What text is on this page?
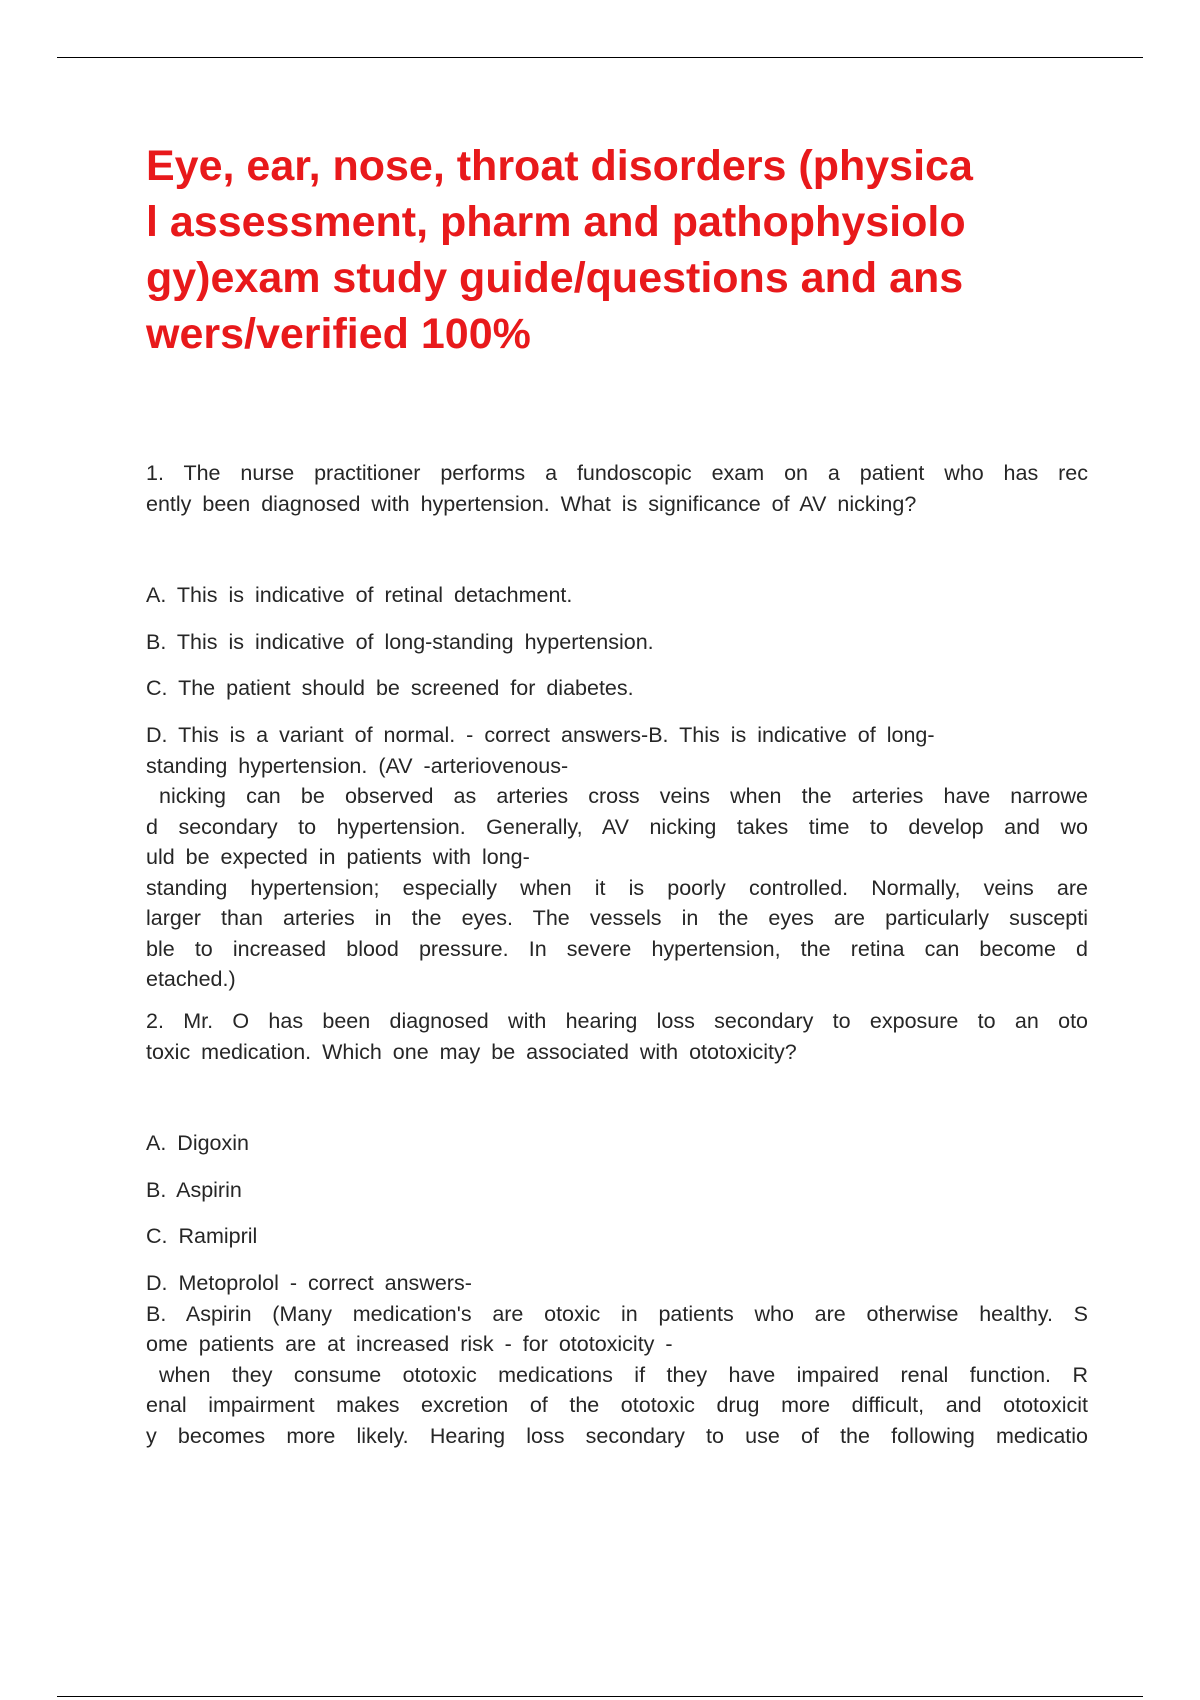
Eye, ear, nose, throat disorders (physica
l assessment, pharm and pathophysiolo
gy)exam study guide/questions and ans
wers/verified 100%
1. The nurse practitioner performs a fundoscopic exam on a patient who has rec
ently been diagnosed with hypertension. What is significance of AV nicking?
A. This is indicative of retinal detachment.
B. This is indicative of long-standing hypertension.
C. The patient should be screened for diabetes.
D. This is a variant of normal. - correct answers-B. This is indicative of long-
standing hypertension. (AV -arteriovenous-
nicking can be observed as arteries cross veins when the arteries have narrowe
d secondary to hypertension. Generally, AV nicking takes time to develop and wo
uld be expected in patients with long-
standing hypertension; especially when it is poorly controlled. Normally, veins are
larger than arteries in the eyes. The vessels in the eyes are particularly suscepti
ble to increased blood pressure. In severe hypertension, the retina can become d
etached.)
2. Mr. O has been diagnosed with hearing loss secondary to exposure to an oto
toxic medication. Which one may be associated with ototoxicity?
A. Digoxin
B. Aspirin
C. Ramipril
D. Metoprolol - correct answers-
B. Aspirin (Many medication's are otoxic in patients who are otherwise healthy. S
ome patients are at increased risk - for ototoxicity -
when they consume ototoxic medications if they have impaired renal function. R
enal impairment makes excretion of the ototoxic drug more difficult, and ototoxicit
y becomes more likely. Hearing loss secondary to use of the following medicatio
